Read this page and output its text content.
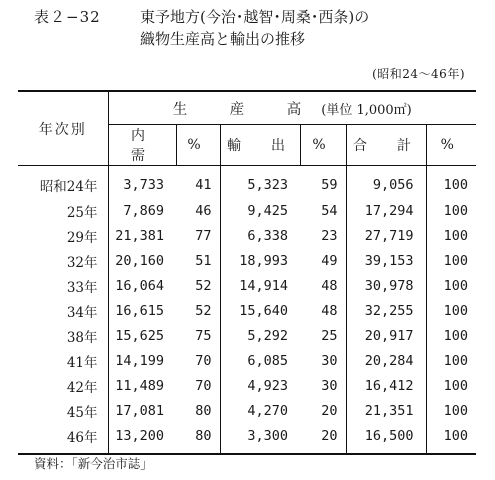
表２−32	東予地方(今治･越智･周桑･西条)の
織物生産高と輸出の推移
(昭和24〜46年)
年次別	生　産　高 (単位 1,000㎡)					
	内　需	%	輸　出	%	合　計	%

昭和24年	3,733	41	5,323	59	9,056	100
25年	7,869	46	9,425	54	17,294	100
29年	21,381	77	6,338	23	27,719	100
32年	20,160	51	18,993	49	39,153	100
33年	16,064	52	14,914	48	30,978	100
34年	16,615	52	15,640	48	32,255	100
38年	15,625	75	5,292	25	20,917	100
41年	14,199	70	6,085	30	20,284	100
42年	11,489	70	4,923	30	16,412	100
45年	17,081	80	4,270	20	21,351	100
46年	13,200	80	3,300	20	16,500	100

資料：「新今治市誌」
